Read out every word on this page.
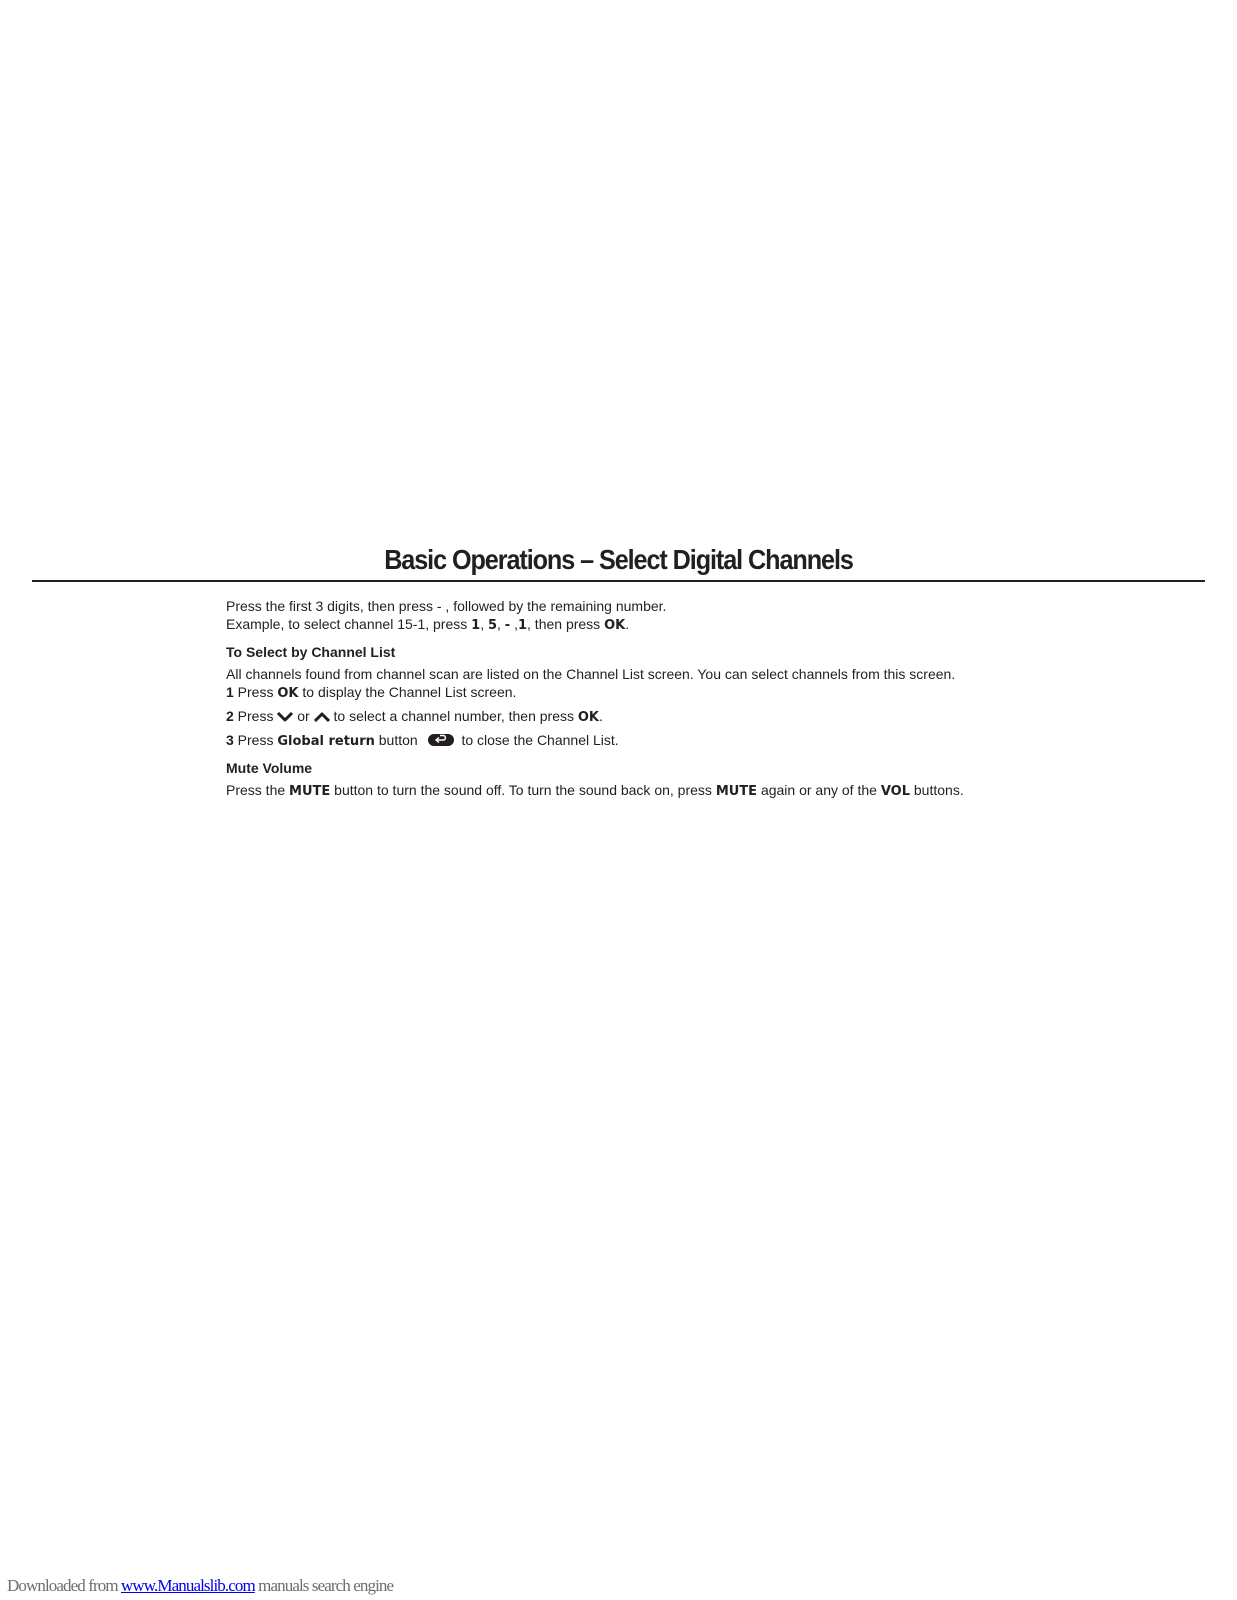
Basic Operations – Select Digital Channels
Press the first 3 digits, then press - , followed by the remaining number.
Example, to select channel 15-1, press 1, 5, - ,1, then press OK.
To Select by Channel List
All channels found from channel scan are listed on the Channel List screen. You can select channels from this screen.
1 Press OK to display the Channel List screen.
2 Press  or  to select a channel number, then press OK.
3 Press Global return button	to close the Channel List.
Mute Volume
Press the MUTE button to turn the sound off. To turn the sound back on, press MUTE again or any of the VOL buttons.
Downloaded from www.Manualslib.com manuals search engine
